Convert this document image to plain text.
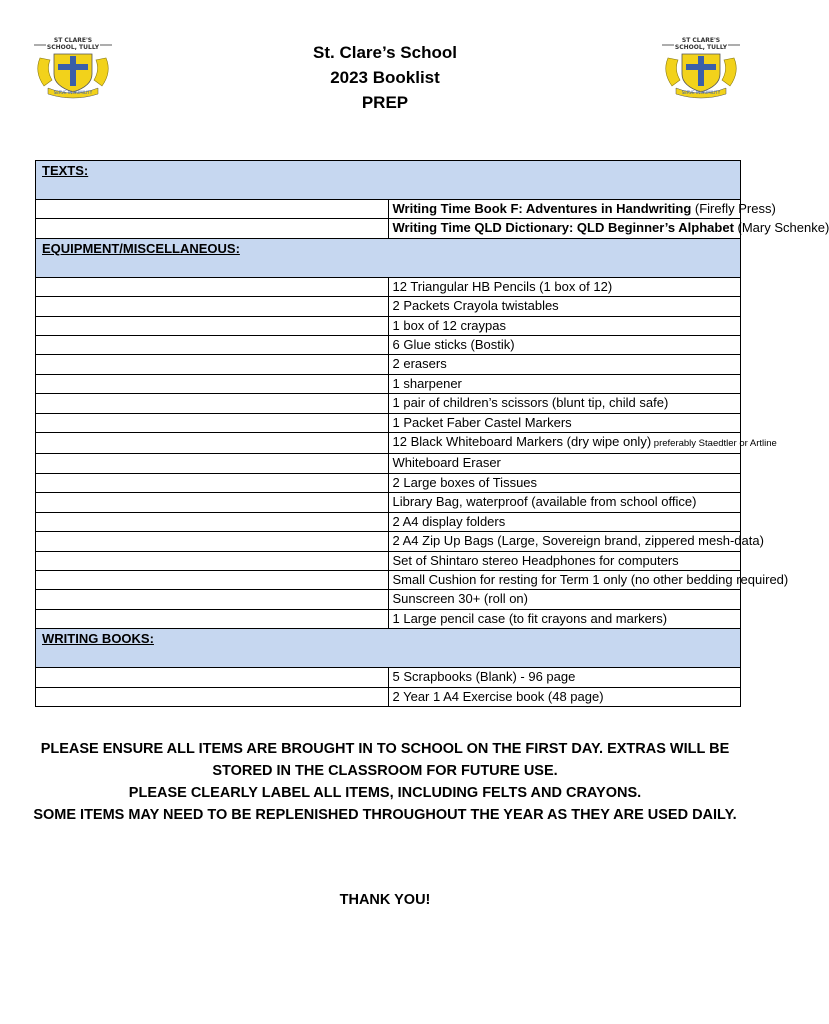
ST CLARE'S
SCHOOL, TULLY
SERVE IN HUMILITY
ST CLARE'S
SCHOOL, TULLY
SERVE IN HUMILITY
St. Clare’s School
2023 Booklist
PREP
TEXTS:	
	Writing Time Book F: Adventures in Handwriting (Firefly Press)
	Writing Time QLD Dictionary: QLD Beginner’s Alphabet (Mary Schenke)
EQUIPMENT/MISCELLANEOUS:	
	12 Triangular HB Pencils (1 box of 12)
	2 Packets Crayola twistables
	1 box of 12 craypas
	6 Glue sticks (Bostik)
	2 erasers
	1 sharpener
	1 pair of children’s scissors (blunt tip, child safe)
	1 Packet Faber Castel Markers
	12 Black Whiteboard Markers (dry wipe only) preferably Staedtler or Artline
	Whiteboard Eraser
	2 Large boxes of Tissues
	Library Bag, waterproof (available from school office)
	2 A4 display folders
	2 A4 Zip Up Bags (Large, Sovereign brand, zippered mesh-data)
	Set of Shintaro stereo Headphones for computers
	Small Cushion for resting for Term 1 only (no other bedding required)
	Sunscreen 30+ (roll on)
	1 Large pencil case (to fit crayons and markers)
WRITING BOOKS:	
	5 Scrapbooks (Blank) - 96 page
	2 Year 1 A4 Exercise book (48 page)

PLEASE ENSURE ALL ITEMS ARE BROUGHT IN TO SCHOOL ON THE FIRST DAY. EXTRAS WILL BE STORED IN THE CLASSROOM FOR FUTURE USE.

PLEASE CLEARLY LABEL ALL ITEMS, INCLUDING FELTS AND CRAYONS.

SOME ITEMS MAY NEED TO BE REPLENISHED THROUGHOUT THE YEAR AS THEY ARE USED DAILY.

THANK YOU!
